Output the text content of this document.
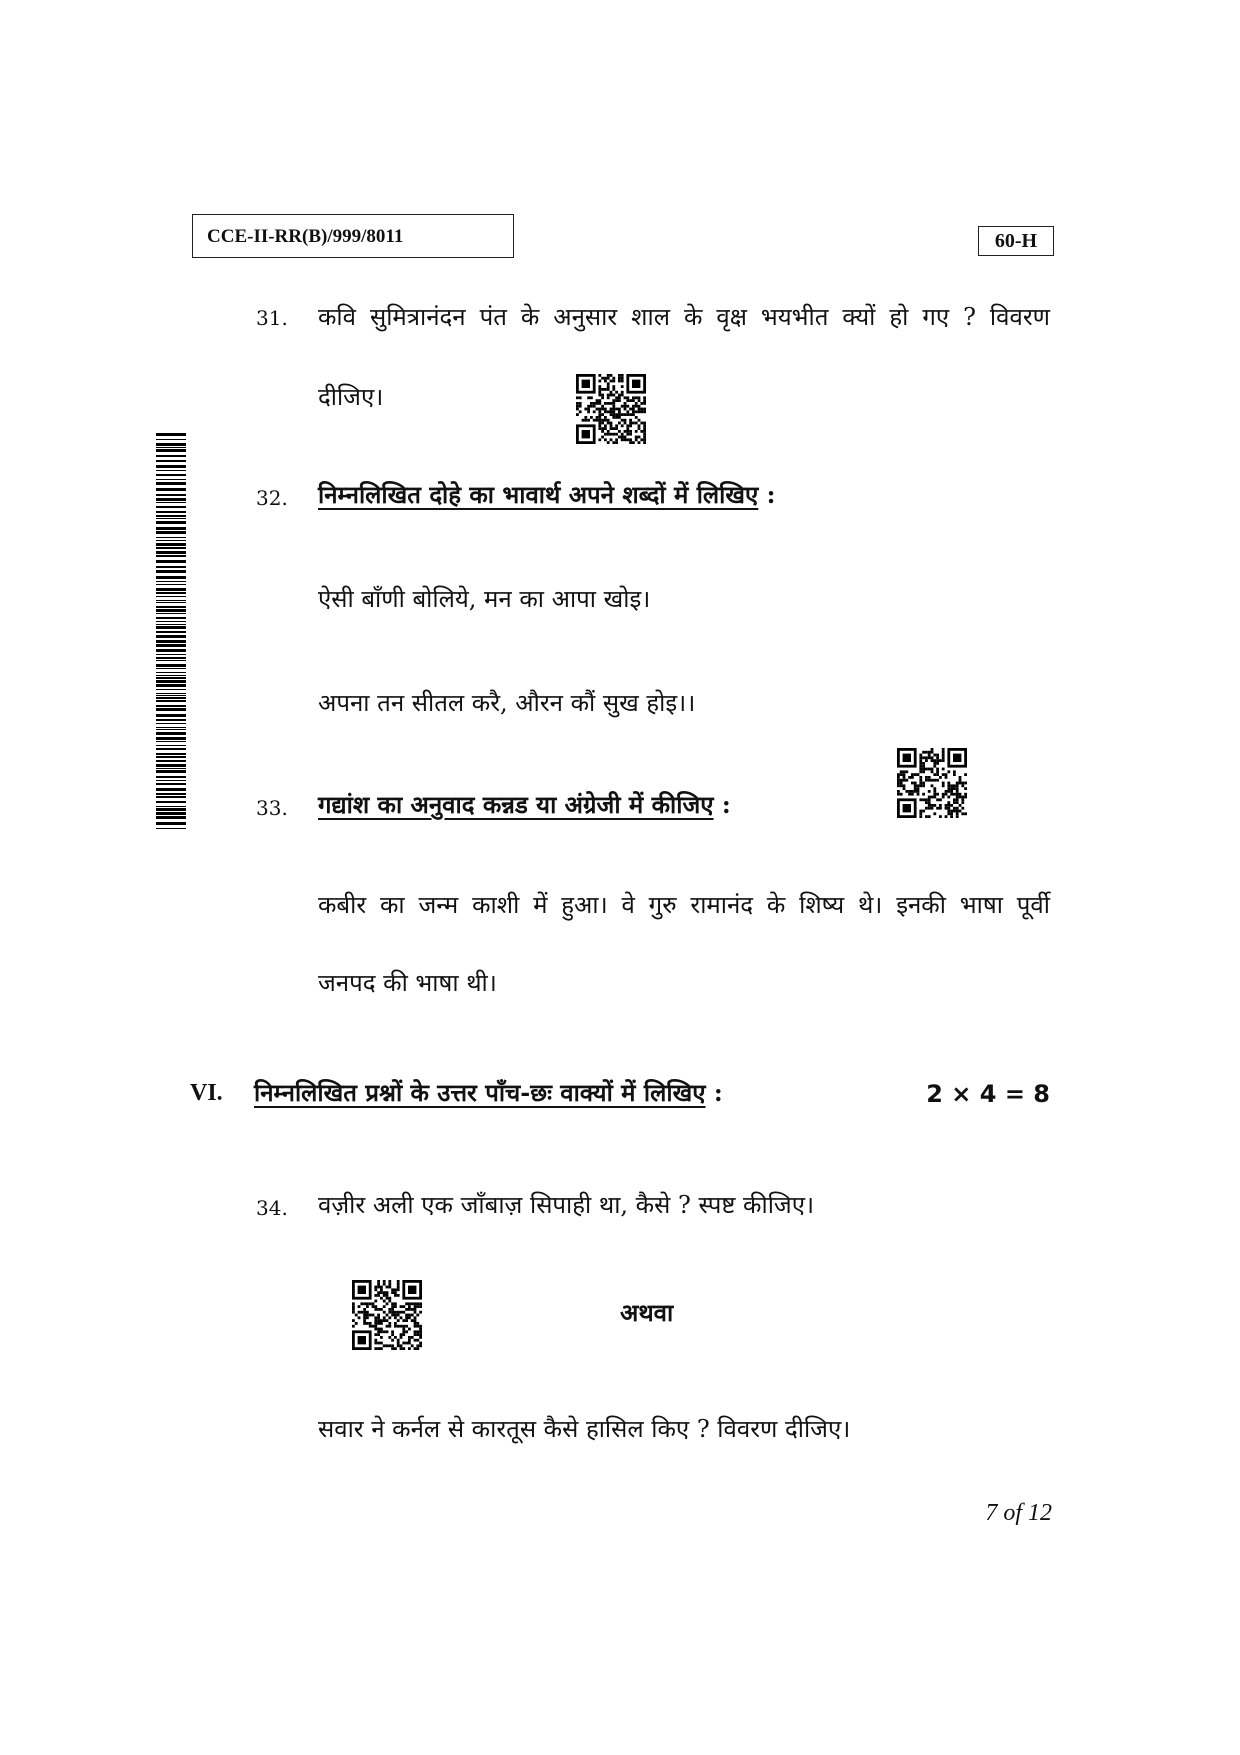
CCE-II-RR(B)/999/8011	60-H
31. कवि सुमित्रानंदन पंत के अनुसार शाल के वृक्ष भयभीत क्यों हो गए ? विवरण
दीजिए।
32. निम्नलिखित दोहे का भावार्थ अपने शब्दों में लिखिए :
ऐसी बाँणी बोलिये, मन का आपा खोइ।
अपना तन सीतल करै, औरन कौं सुख होइ।।
33. गद्यांश का अनुवाद कन्नड या अंग्रेजी में कीजिए :
कबीर का जन्म काशी में हुआ। वे गुरु रामानंद के शिष्य थे। इनकी भाषा पूर्वी
जनपद की भाषा थी।
VI. निम्नलिखित प्रश्नों के उत्तर पाँच-छः वाक्यों में लिखिए :	2 × 4 = 8
34. वज़ीर अली एक जाँबाज़ सिपाही था, कैसे ? स्पष्ट कीजिए।
अथवा
सवार ने कर्नल से कारतूस कैसे हासिल किए ? विवरण दीजिए।
7 of 12
